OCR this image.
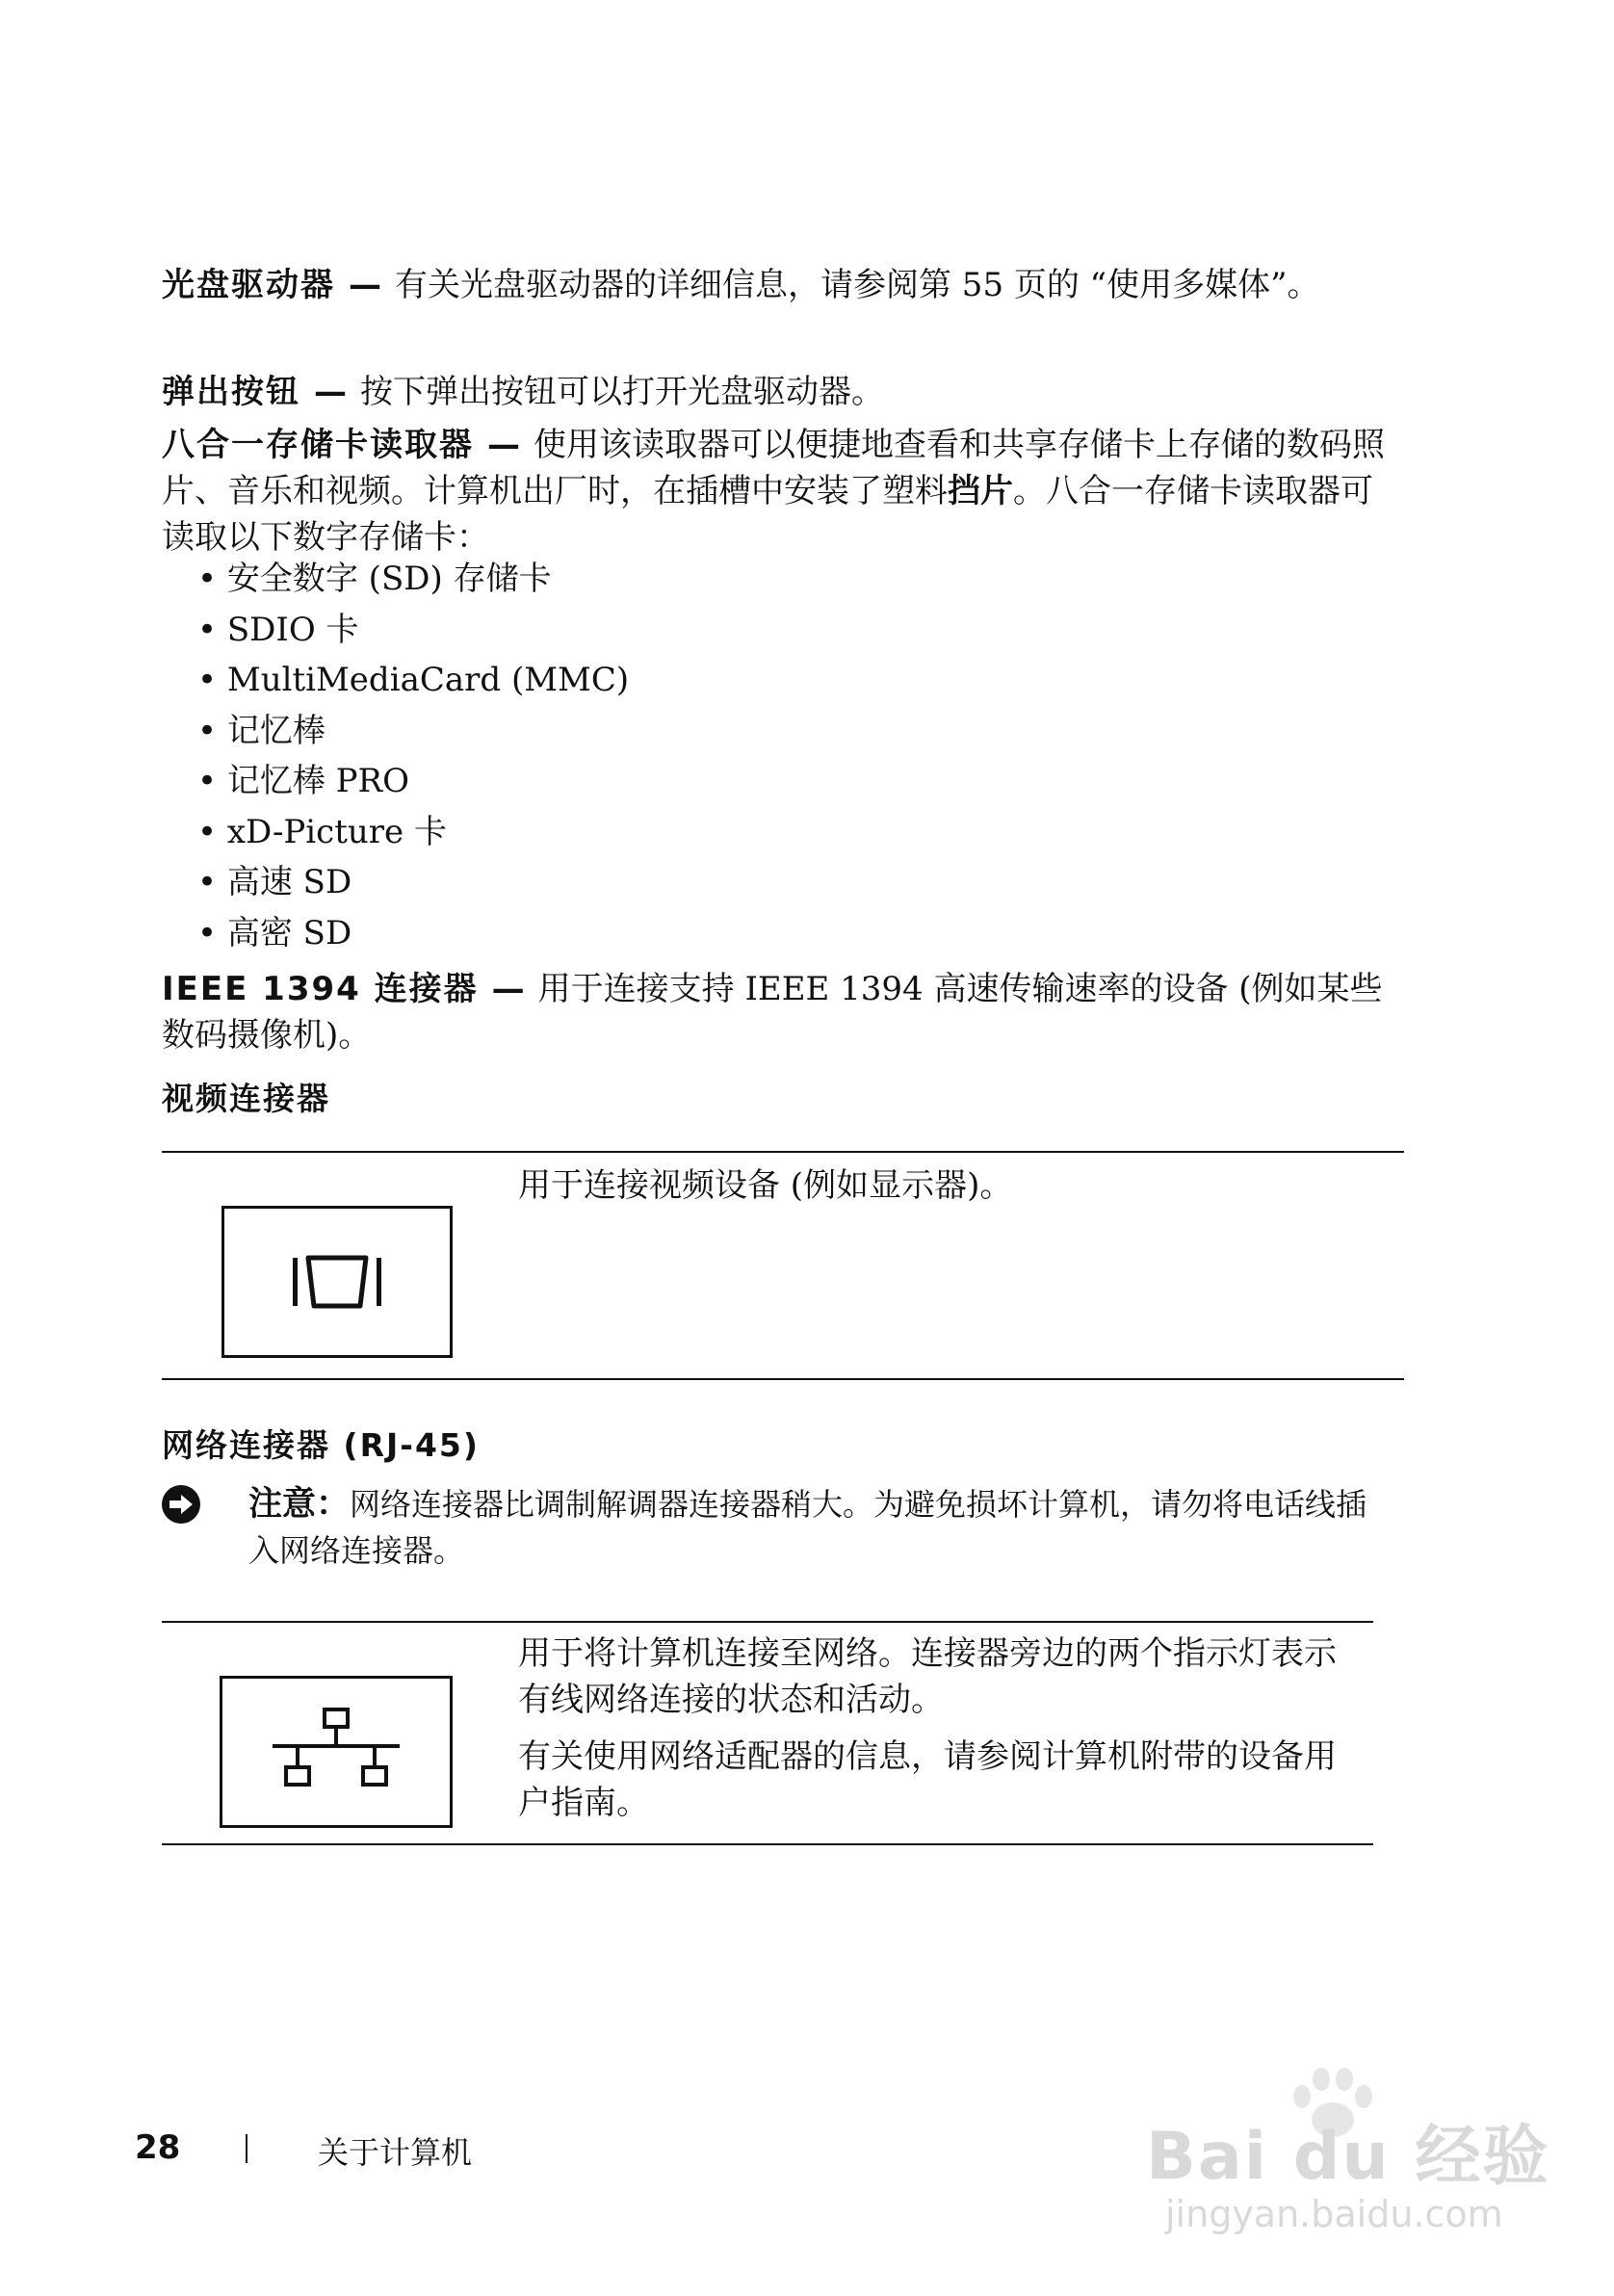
光盘驱动器 — 有关光盘驱动器的详细信息，请参阅第 55 页的 “使用多媒体”。
弹出按钮 — 按下弹出按钮可以打开光盘驱动器。
八合一存储卡读取器 — 使用该读取器可以便捷地查看和共享存储卡上存储的数码照片、音乐和视频。计算机出厂时，在插槽中安装了塑料挡片。八合一存储卡读取器可读取以下数字存储卡：
• 安全数字 (SD) 存储卡
• SDIO 卡
• MultiMediaCard (MMC)
• 记忆棒
• 记忆棒 PRO
• xD-Picture 卡
• 高速 SD
• 高密 SD
IEEE 1394 连接器 — 用于连接支持 IEEE 1394 高速传输速率的设备 (例如某些数码摄像机)。
视频连接器
用于连接视频设备 (例如显示器)。
网络连接器 (RJ-45)
注意：网络连接器比调制解调器连接器稍大。为避免损坏计算机，请勿将电话线插入网络连接器。
用于将计算机连接至网络。连接器旁边的两个指示灯表示有线网络连接的状态和活动。
有关使用网络适配器的信息，请参阅计算机附带的设备用户指南。
28	关于计算机	Bai du 经验
jingyan.baidu.com
